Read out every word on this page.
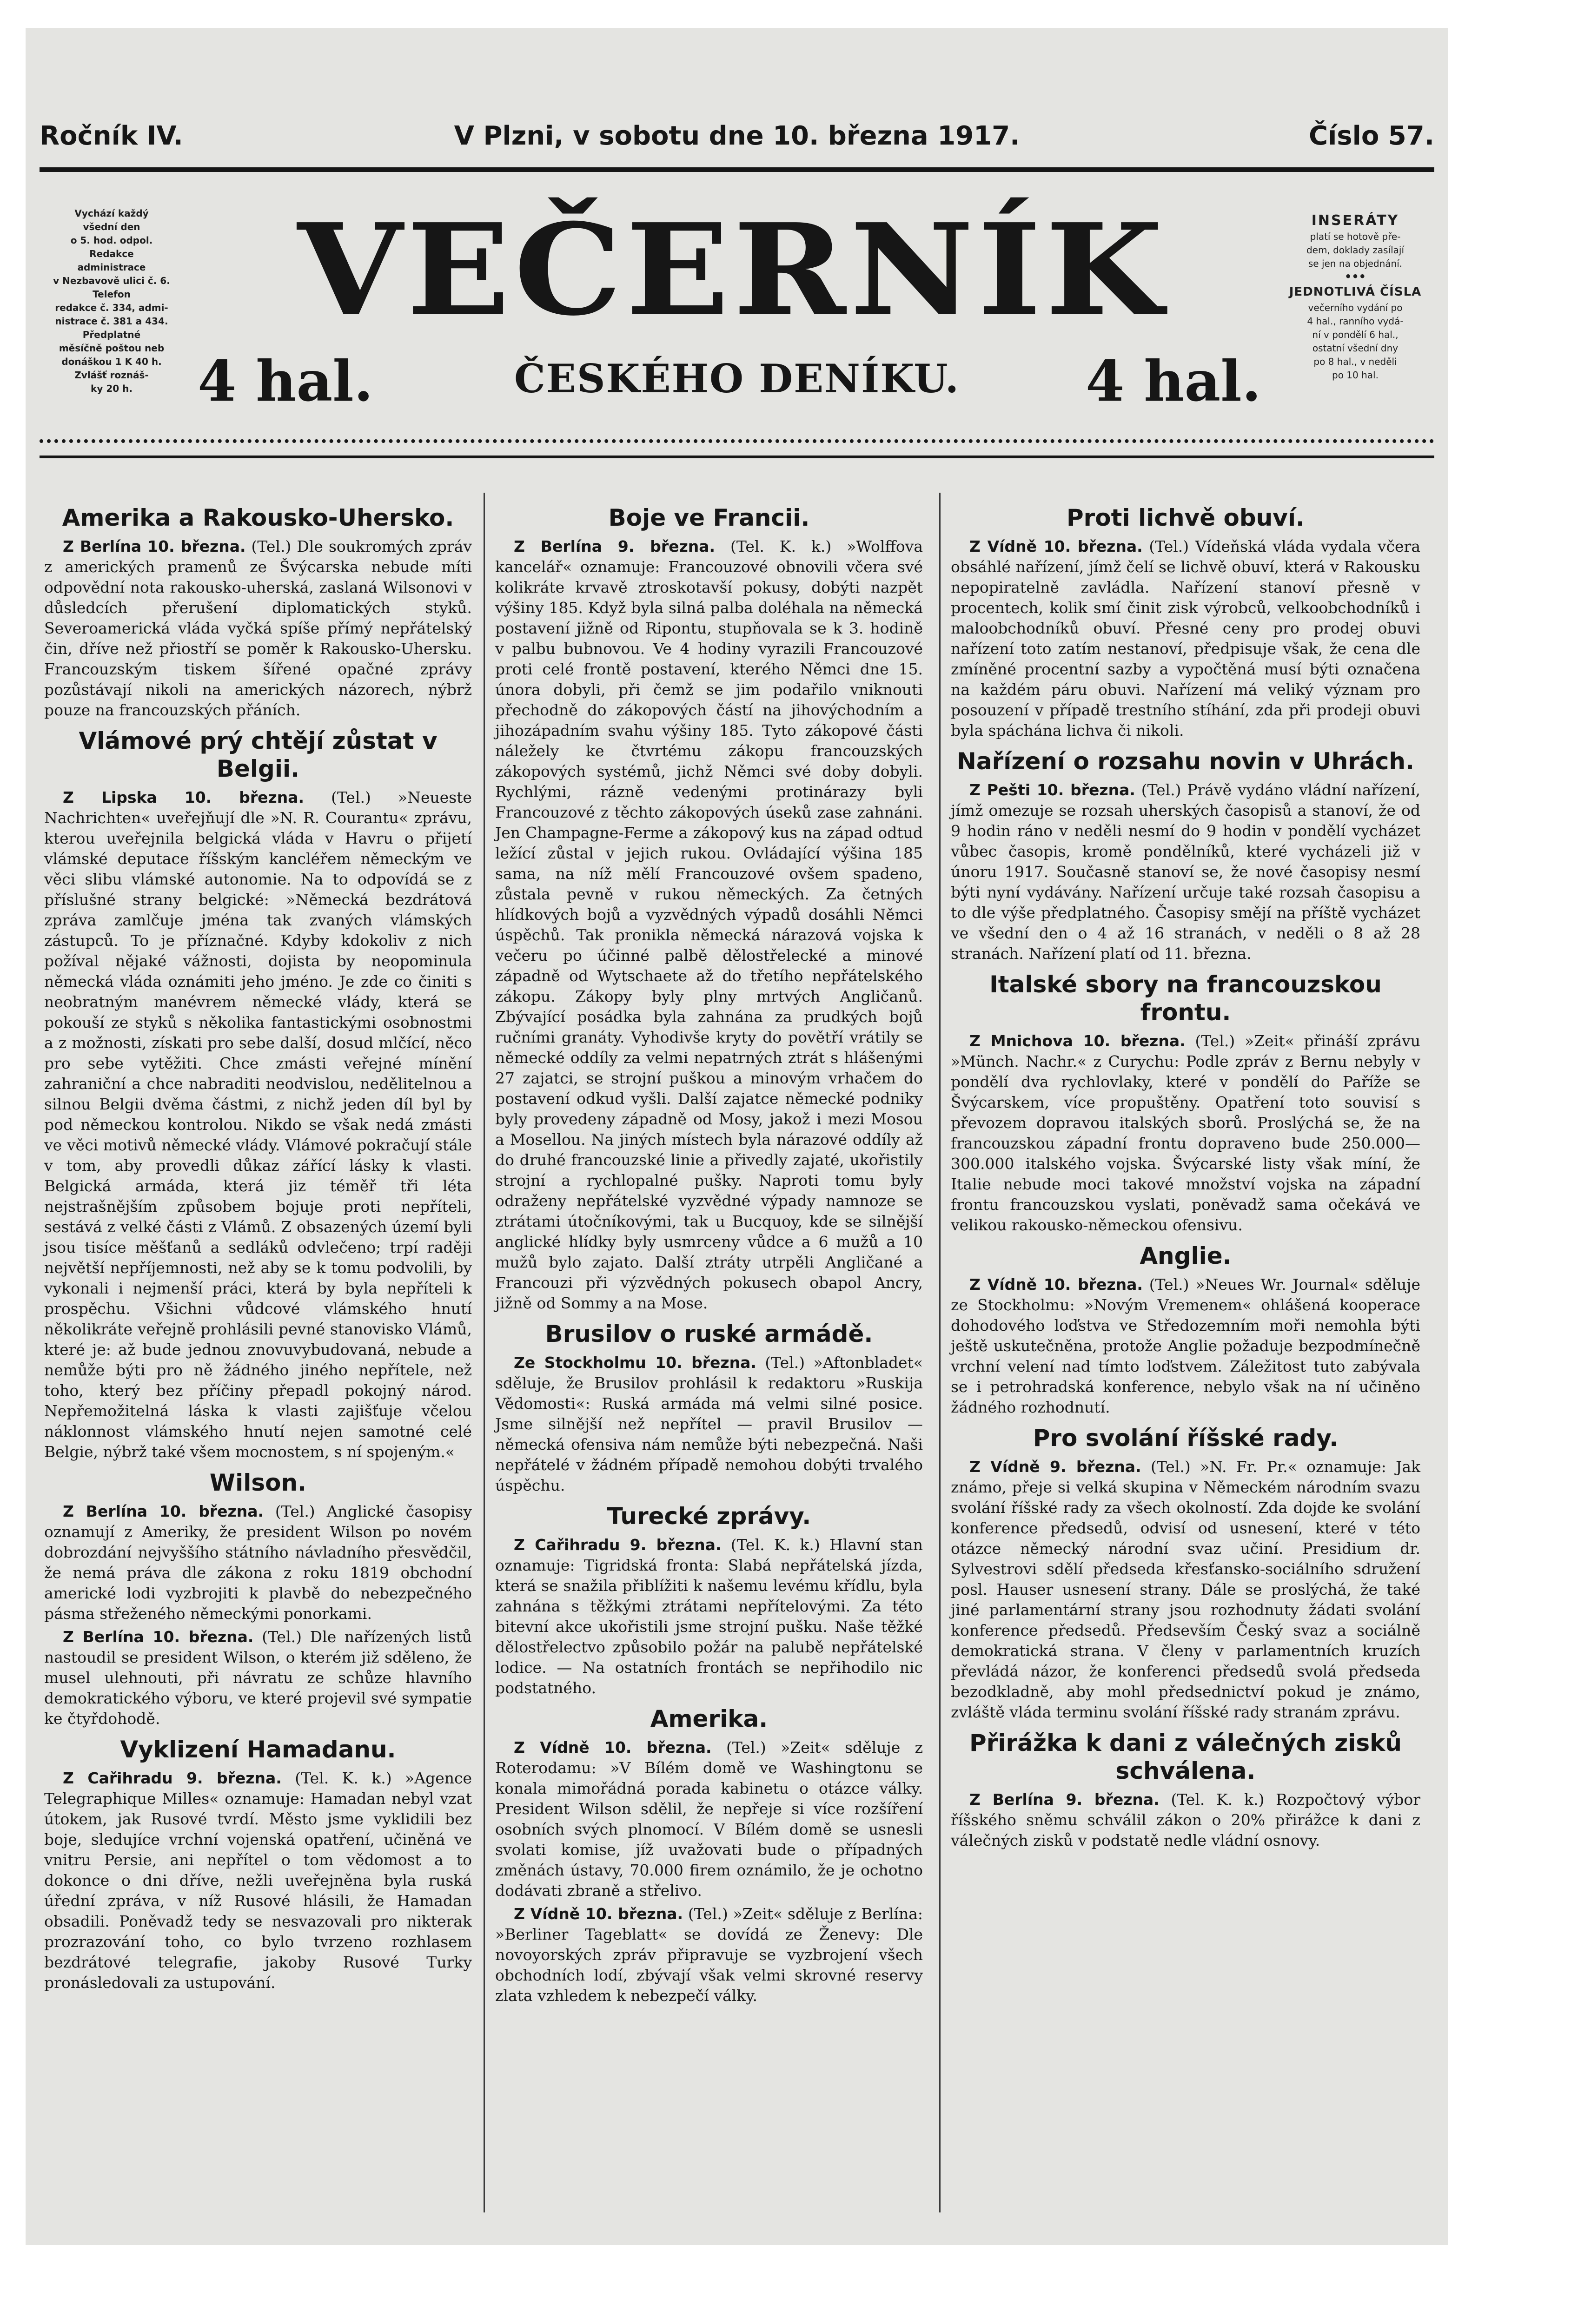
Ročník IV.	V Plzni, v sobotu dne 10. března 1917.	Číslo 57.
Vychází každý
všední den
o 5. hod. odpol.
Redakce
administrace
v Nezbavově ulici č. 6.
Telefon
redakce č. 334, admi-
nistrace č. 381 a 434.
Předplatné
měsíčně poštou neb
donáškou 1 K 40 h.
Zvlášť roznáš-
ky 20 h.
VEČERNÍK	INSERÁTY
platí se hotově pře-
dem, doklady zasílají
se jen na objednání.
•••
JEDNOTLIVÁ ČÍSLA
večerního vydání po
4 hal., ranního vydá-
ní v pondělí 6 hal.,
ostatní všední dny
po 8 hal., v neděli
po 10 hal.
4 hal.	ČESKÉHO DENÍKU.	4 hal.
Amerika a Rakousko-Uhersko.

Z Berlína 10. března. (Tel.) Dle soukromých zpráv z amerických pramenů ze Švýcarska nebude míti odpovědní nota rakousko-uherská, zaslaná Wilsonovi v důsledcích přerušení diplomatických styků. Severoamerická vláda vyčká spíše přímý nepřátelský čin, dříve než přiostří se poměr k Rakousko-Uhersku. Francouzským tiskem šířené opačné zprávy pozůstávají nikoli na amerických názorech, nýbrž pouze na francouzských přáních.

Vlámové prý chtějí zůstat v Belgii.

Z Lipska 10. března. (Tel.) »Neueste Nachrichten« uveřejňují dle »N. R. Courantu« zprávu, kterou uveřejnila belgická vláda v Havru o přijetí vlámské deputace říšským kancléřem německým ve věci slibu vlámské autonomie. Na to odpovídá se z příslušné strany belgické: »Německá bezdrátová zpráva zamlčuje jména tak zvaných vlámských zástupců. To je příznačné. Kdyby kdokoliv z nich požíval nějaké vážnosti, dojista by neopominula německá vláda oznámiti jeho jméno. Je zde co činiti s neobratným manévrem německé vlády, která se pokouší ze styků s několika fantastickými osobnostmi a z možnosti, získati pro sebe další, dosud mlčící, něco pro sebe vytěžiti. Chce zmásti veřejné mínění zahraniční a chce nabraditi neodvislou, nedělitelnou a silnou Belgii dvěma částmi, z nichž jeden díl byl by pod německou kontrolou. Nikdo se však nedá zmásti ve věci motivů německé vlády. Vlámové pokračují stále v tom, aby provedli důkaz zářící lásky k vlasti. Belgická armáda, která jiz téměř tři léta nejstrašnějším způsobem bojuje proti nepříteli, sestává z velké části z Vlámů. Z obsazených území byli jsou tisíce měšťanů a sedláků odvlečeno; trpí raději největší nepříjemnosti, než aby se k tomu podvolili, by vykonali i nejmenší práci, která by byla nepříteli k prospěchu. Všichni vůdcové vlámského hnutí několikráte veřejně prohlásili pevné stanovisko Vlámů, které je: až bude jednou znovuvybudovaná, nebude a nemůže býti pro ně žádného jiného nepřítele, než toho, který bez příčiny přepadl pokojný národ. Nepřemožitelná láska k vlasti zajišťuje včelou náklonnost vlámského hnutí nejen samotné celé Belgie, nýbrž také všem mocnostem, s ní spojeným.«

Wilson.

Z Berlína 10. března. (Tel.) Anglické časopisy oznamují z Ameriky, že president Wilson po novém dobrozdání nejvyššího státního návladního přesvědčil, že nemá práva dle zákona z roku 1819 obchodní americké lodi vyzbrojiti k plavbě do nebezpečného pásma střeženého německými ponorkami.

Z Berlína 10. března. (Tel.) Dle nařízených listů nastoudil se president Wilson, o kterém již sděleno, že musel ulehnouti, při návratu ze schůze hlavního demokratického výboru, ve které projevil své sympatie ke čtyřdohodě.

Vyklizení Hamadanu.

Z Cařihradu 9. března. (Tel. K. k.) »Agence Telegraphique Milles« oznamuje: Hamadan nebyl vzat útokem, jak Rusové tvrdí. Město jsme vyklidili bez boje, sledujíce vrchní vojenská opatření, učiněná ve vnitru Persie, ani nepřítel o tom vědomost a to dokonce o dni dříve, nežli uveřejněna byla ruská úřední zpráva, v níž Rusové hlásili, že Hamadan obsadili. Poněvadž tedy se nesvazovali pro nikterak prozrazování toho, co bylo tvrzeno rozhlasem bezdrátové telegrafie, jakoby Rusové Turky pronásledovali za ustupování.

Boje ve Francii.

Z Berlína 9. března. (Tel. K. k.) »Wolffova kancelář« oznamuje: Francouzové obnovili včera své kolikráte krvavě ztroskotavší pokusy, dobýti nazpět výšiny 185. Když byla silná palba doléhala na německá postavení jižně od Ripontu, stupňovala se k 3. hodině v palbu bubnovou. Ve 4 hodiny vyrazili Francouzové proti celé frontě postavení, kterého Němci dne 15. února dobyli, při čemž se jim podařilo vniknouti přechodně do zákopových částí na jihovýchodním a jihozápadním svahu výšiny 185. Tyto zákopové části náležely ke čtvrtému zákopu francouzských zákopových systémů, jichž Němci své doby dobyli. Rychlými, rázně vedenými protinárazy byli Francouzové z těchto zákopových úseků zase zahnáni. Jen Champagne-Ferme a zákopový kus na západ odtud ležící zůstal v jejich rukou. Ovládající výšina 185 sama, na níž mělí Francouzové ovšem spadeno, zůstala pevně v rukou německých. Za četných hlídkových bojů a vyzvědných výpadů dosáhli Němci úspěchů. Tak pronikla německá nárazová vojska k večeru po účinné palbě dělostřelecké a minové západně od Wytschaete až do třetího nepřátelského zákopu. Zákopy byly plny mrtvých Angličanů. Zbývající posádka byla zahnána za prudkých bojů ručními granáty. Vyhodivše kryty do povětří vrátily se německé oddíly za velmi nepatrných ztrát s hlášenými 27 zajatci, se strojní puškou a minovým vrhačem do postavení odkud vyšli. Další zajatce německé podniky byly provedeny západně od Mosy, jakož i mezi Mosou a Mosellou. Na jiných místech byla nárazové oddíly až do druhé francouzské linie a přivedly zajaté, ukořistily strojní a rychlopalné pušky. Naproti tomu byly odraženy nepřátelské vyzvědné výpady namnoze se ztrátami útočníkovými, tak u Bucquoy, kde se silnější anglické hlídky byly usmrceny vůdce a 6 mužů a 10 mužů bylo zajato. Další ztráty utrpěli Angličané a Francouzi při výzvědných pokusech obapol Ancry, jižně od Sommy a na Mose.

Brusilov o ruské armádě.

Ze Stockholmu 10. března. (Tel.) »Aftonbladet« sděluje, že Brusilov prohlásil k redaktoru »Ruskija Vědomosti«: Ruská armáda má velmi silné posice. Jsme silnější než nepřítel — pravil Brusilov — německá ofensiva nám nemůže býti nebezpečná. Naši nepřátelé v žádném případě nemohou dobýti trvalého úspěchu.

Turecké zprávy.

Z Cařihradu 9. března. (Tel. K. k.) Hlavní stan oznamuje: Tigridská fronta: Slabá nepřátelská jízda, která se snažila přiblížiti k našemu levému křídlu, byla zahnána s těžkými ztrátami nepřítelovými. Za této bitevní akce ukořistili jsme strojní pušku. Naše těžké dělostřelectvo způsobilo požár na palubě nepřátelské lodice. — Na ostatních frontách se nepřihodilo nic podstatného.

Amerika.

Z Vídně 10. března. (Tel.) »Zeit« sděluje z Roterodamu: »V Bílém domě ve Washingtonu se konala mimořádná porada kabinetu o otázce války. President Wilson sdělil, že nepřeje si více rozšíření osobních svých plnomocí. V Bílém domě se usnesli svolati komise, jíž uvažovati bude o případných změnách ústavy, 70.000 firem oznámilo, že je ochotno dodávati zbraně a střelivo.

Z Vídně 10. března. (Tel.) »Zeit« sděluje z Berlína: »Berliner Tageblatt« se dovídá ze Ženevy: Dle novoyorských zpráv připravuje se vyzbrojení všech obchodních lodí, zbývají však velmi skrovné reservy zlata vzhledem k nebezpečí války.

Proti lichvě obuví.

Z Vídně 10. března. (Tel.) Vídeňská vláda vydala včera obsáhlé nařízení, jímž čelí se lichvě obuví, která v Rakousku nepopiratelně zavládla. Nařízení stanoví přesně v procentech, kolik smí činit zisk výrobců, velkoobchodníků i maloobchodníků obuví. Přesné ceny pro prodej obuvi nařízení toto zatím nestanoví, předpisuje však, že cena dle zmíněné procentní sazby a vypočtěná musí býti označena na každém páru obuvi. Nařízení má veliký význam pro posouzení v případě trestního stíhání, zda při prodeji obuvi byla spáchána lichva či nikoli.

Nařízení o rozsahu novin v Uhrách.

Z Pešti 10. března. (Tel.) Právě vydáno vládní nařízení, jímž omezuje se rozsah uherských časopisů a stanoví, že od 9 hodin ráno v neděli nesmí do 9 hodin v pondělí vycházet vůbec časopis, kromě pondělníků, které vycházeli již v únoru 1917. Současně stanoví se, že nové časopisy nesmí býti nyní vydávány. Nařízení určuje také rozsah časopisu a to dle výše předplatného. Časopisy smějí na příště vycházet ve všední den o 4 až 16 stranách, v neděli o 8 až 28 stranách. Nařízení platí od 11. března.

Italské sbory na francouzskou frontu.

Z Mnichova 10. března. (Tel.) »Zeit« přináší zprávu »Münch. Nachr.« z Curychu: Podle zpráv z Bernu nebyly v pondělí dva rychlovlaky, které v pondělí do Paříže se Švýcarskem, více propuštěny. Opatření toto souvisí s převozem dopravou italských sborů. Proslýchá se, že na francouzskou západní frontu dopraveno bude 250.000—300.000 italského vojska. Švýcarské listy však míní, že Italie nebude moci takové množství vojska na západní frontu francouzskou vyslati, poněvadž sama očekává ve velikou rakousko-německou ofensivu.

Anglie.

Z Vídně 10. března. (Tel.) »Neues Wr. Journal« sděluje ze Stockholmu: »Novým Vremenem« ohlášená kooperace dohodového loďstva ve Středozemním moři nemohla býti ještě uskutečněna, protože Anglie požaduje bezpodmínečně vrchní velení nad tímto loďstvem. Záležitost tuto zabývala se i petrohradská konference, nebylo však na ní učiněno žádného rozhodnutí.

Pro svolání říšské rady.

Z Vídně 9. března. (Tel.) »N. Fr. Pr.« oznamuje: Jak známo, přeje si velká skupina v Německém národním svazu svolání říšské rady za všech okolností. Zda dojde ke svolání konference předsedů, odvisí od usnesení, které v této otázce německý národní svaz učiní. Presidium dr. Sylvestrovi sdělí předseda křesťansko-sociálního sdružení posl. Hauser usnesení strany. Dále se proslýchá, že také jiné parlamentární strany jsou rozhodnuty žádati svolání konference předsedů. Předsevším Český svaz a sociálně demokratická strana. V členy v parlamentních kruzích převládá názor, že konferenci předsedů svolá předseda bezodkladně, aby mohl předsednictví pokud je známo, zvláště vláda terminu svolání říšské rady stranám zprávu.

Přirážka k dani z válečných zisků schválena.

Z Berlína 9. března. (Tel. K. k.) Rozpočtový výbor říšského sněmu schválil zákon o 20% přirážce k dani z válečných zisků v podstatě nedle vládní osnovy.
